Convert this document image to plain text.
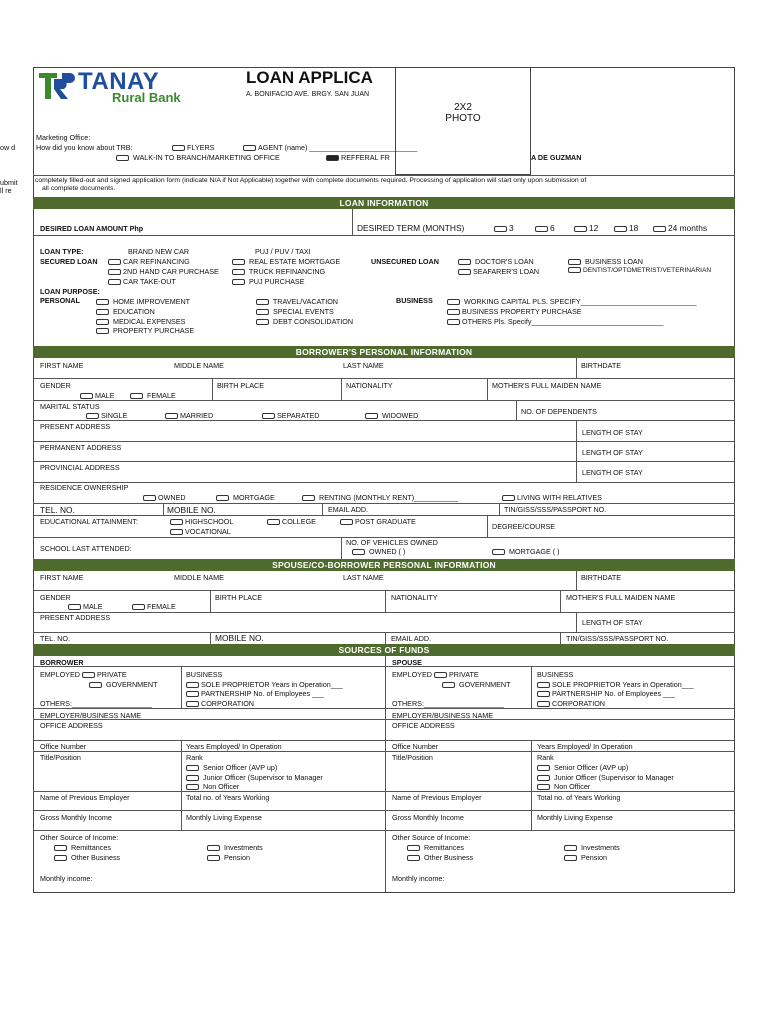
ow d
ubmit
ll re
TANAY
Rural Bank
LOAN APPLICA
A. BONIFACIO AVE. BRGY. SAN JUAN
2X2
PHOTO
Marketing Office:
How did you know about TRB:	FLYERS	AGENT (name) ___________________________
WALK-IN TO BRANCH/MARKETING OFFICE	REFFERAL FR	A DE GUZMAN
completely filled-out and signed application form (indicate N/A if Not Applicable) together with complete documents required. Processing of application will start only upon submission of
all complete documents.
LOAN INFORMATION
DESIRED LOAN AMOUNT Php	DESIRED TERM (MONTHS)	3	6	12	18	24 months
LOAN TYPE:	BRAND NEW CAR
SECURED LOAN	CAR REFINANCING
2ND HAND CAR PURCHASE
CAR TAKE-OUT
PUJ / PUV / TAXI
REAL ESTATE MORTGAGE
TRUCK REFINANCING
PUJ PURCHASE
UNSECURED LOAN	DOCTOR'S LOAN
SEAFARER'S LOAN
BUSINESS LOAN
DENTIST/OPTOMETRIST/VETERINARIAN
LOAN PURPOSE:
PERSONAL	HOME IMPROVEMENT
EDUCATION
MEDICAL EXPENSES
PROPERTY PURCHASE
TRAVEL/VACATION
SPECIAL EVENTS
DEBT CONSOLIDATION
BUSINESS	WORKING CAPITAL PLS. SPECIFY_____________________________
BUSINESS PROPERTY PURCHASE
OTHERS Pls. Specify_________________________________
BORROWER'S PERSONAL INFORMATION
FIRST NAME	MIDDLE NAME	LAST NAME	BIRTHDATE
GENDER
MALE	FEMALE
BIRTH PLACE	NATIONALITY	MOTHER'S FULL MAIDEN NAME
MARITAL STATUS
SINGLE	MARRIED	SEPARATED	WIDOWED	NO. OF DEPENDENTS
PRESENT ADDRESS
LENGTH OF STAY
PERMANENT ADDRESS
LENGTH OF STAY
PROVINCIAL ADDRESS
LENGTH OF STAY
RESIDENCE OWNERSHIP
OWNED	MORTGAGE	RENTING (MONTHLY RENT)___________	LIVING WITH RELATIVES
TEL. NO.	MOBILE NO.	EMAIL ADD.	TIN/GISS/SSS/PASSPORT NO.
EDUCATIONAL ATTAINMENT:	HIGHSCHOOL	COLLEGE	POST GRADUATE
VOCATIONAL
DEGREE/COURSE
SCHOOL LAST ATTENDED:
NO. OF VEHICLES OWNED
OWNED ( )	MORTGAGE ( )
SPOUSE/CO-BORROWER PERSONAL INFORMATION
FIRST NAME	MIDDLE NAME	LAST NAME	BIRTHDATE
GENDER
MALE	FEMALE
BIRTH PLACE	NATIONALITY	MOTHER'S FULL MAIDEN NAME
PRESENT ADDRESS
LENGTH OF STAY
TEL. NO.	MOBILE NO.	EMAIL ADD.	TIN/GISS/SSS/PASSPORT NO.
SOURCES OF FUNDS
BORROWER	SPOUSE
EMPLOYED PRIVATE
GOVERNMENT
OTHERS:____________________
BUSINESS
SOLE PROPRIETOR Years in Operation___
PARTNERSHIP No. of Employees ___
CORPORATION
EMPLOYED PRIVATE
GOVERNMENT
OTHERS:____________________
BUSINESS
SOLE PROPRIETOR Years in Operation___
PARTNERSHIP No. of Employees ___
CORPORATION
EMPLOYER/BUSINESS NAME	EMPLOYER/BUSINESS NAME
OFFICE ADDRESS	OFFICE ADDRESS
Office Number	Years Employed/ In Operation	Office Number	Years Employed/ In Operation
Title/Position	Rank
Senior Officer (AVP up)
Junior Officer (Supervisor to Manager
Non Officer
Title/Position	Rank
Senior Officer (AVP up)
Junior Officer (Supervisor to Manager
Non Officer
Name of Previous Employer	Total no. of Years Working	Name of Previous Employer	Total no. of Years Working
Gross Monthly Income	Monthly Living Expense	Gross Monthly Income	Monthly Living Expense
Other Source of Income:
Remittances
Other Business
Investments
Pension
Monthly income:
Other Source of Income:
Remittances
Other Business
Investments
Pension
Monthly income:
